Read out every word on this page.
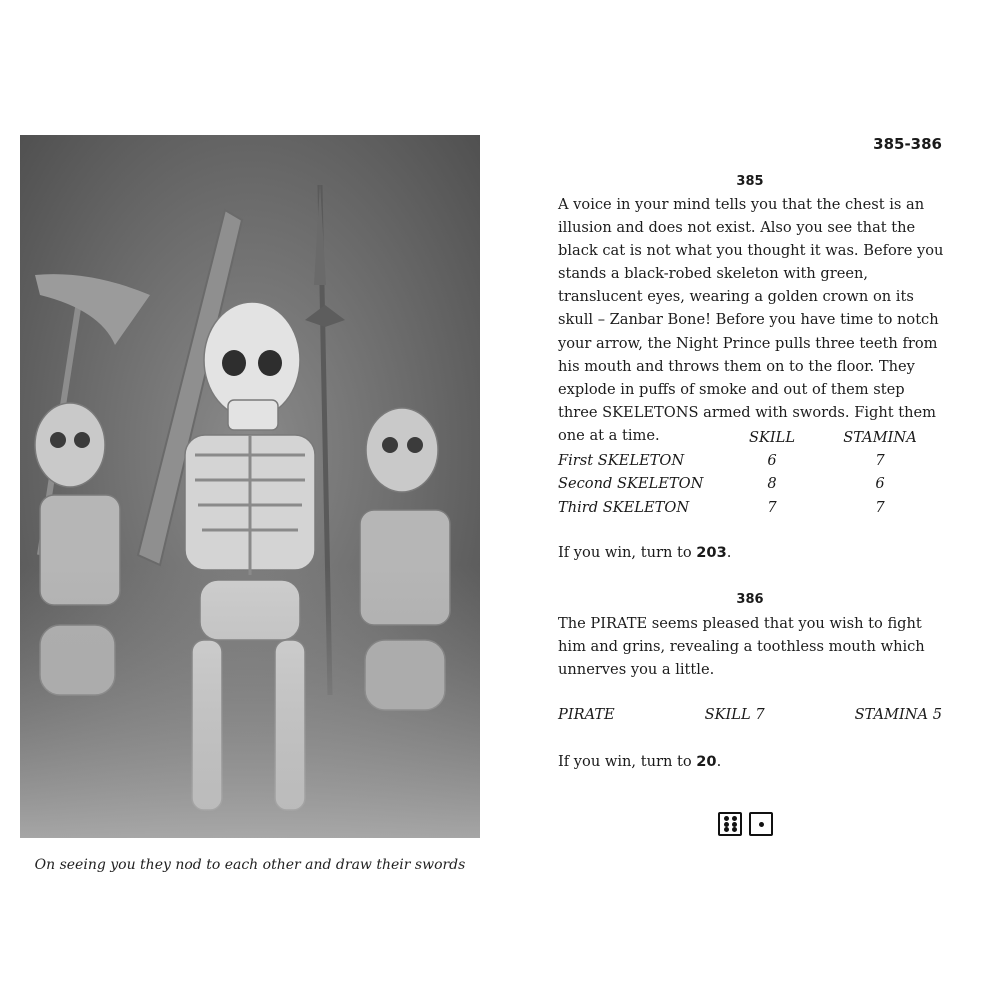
On seeing you they nod to each other and draw their swords
385-386
385
A voice in your mind tells you that the chest is an illusion and does not exist. Also you see that the black cat is not what you thought it was. Before you stands a black-robed skeleton with green, translucent eyes, wearing a golden crown on its skull – Zanbar Bone! Before you have time to notch your arrow, the Night Prince pulls three teeth from his mouth and throws them on to the floor. They explode in puffs of smoke and out of them step three SKELETONS armed with swords. Fight them one at a time.
		SKILL	STAMINA
First SKELETON	6	7
Second SKELETON	8	6
Third SKELETON	7	7
If you win, turn to 203.
386
The PIRATE seems pleased that you wish to fight him and grins, revealing a toothless mouth which unnerves you a little.
PIRATE	SKILL 7	STAMINA 5
If you win, turn to 20.
